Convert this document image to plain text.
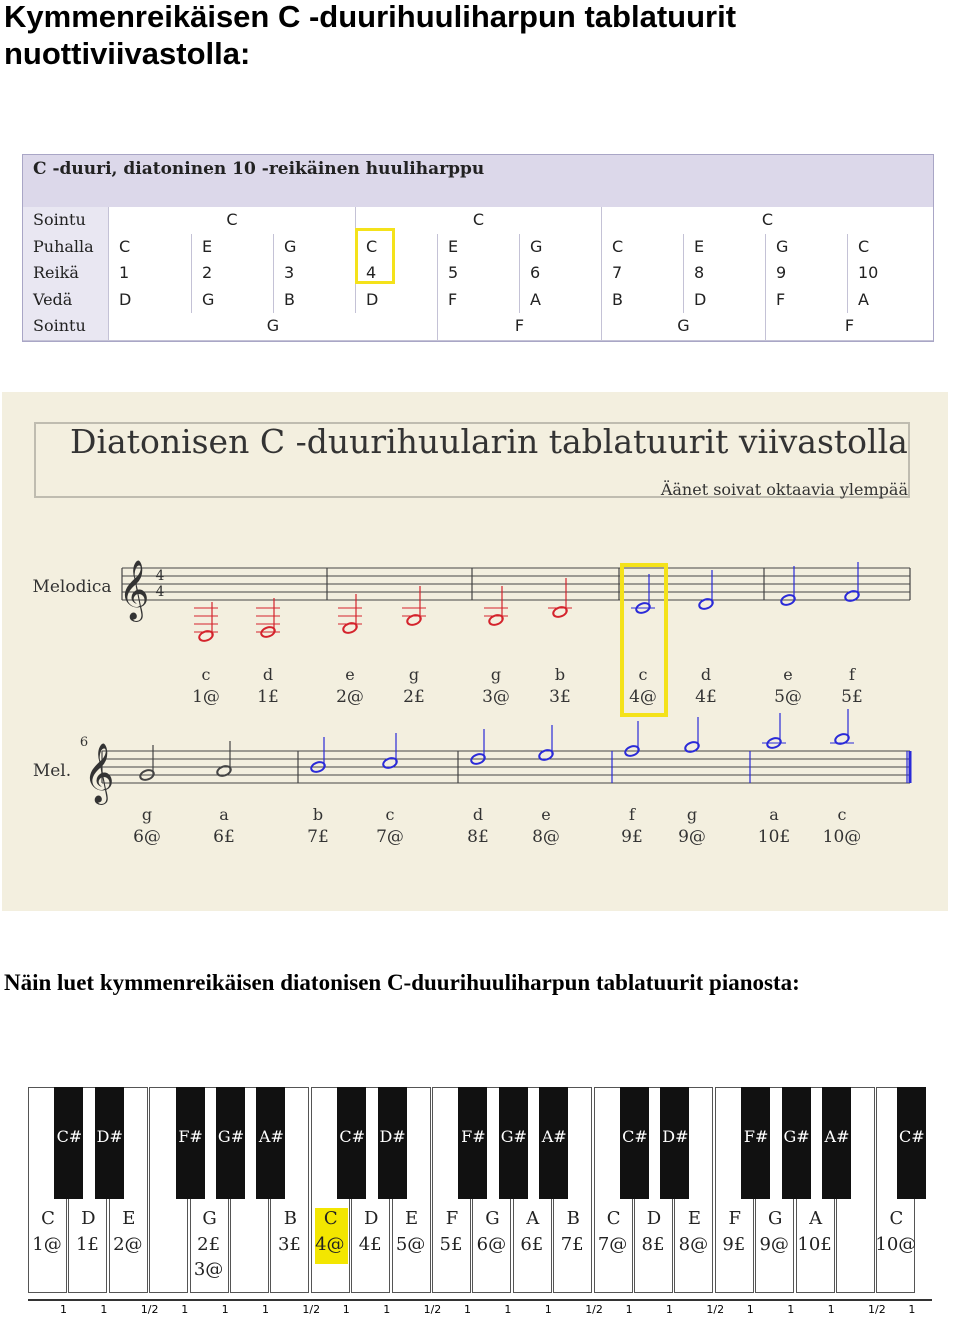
Kymmenreikäisen C -duurihuuliharpun tablatuurit nuottiviivastolla:
C -duuri, diatoninen 10 -reikäinen huuliharppu
Sointu	C	C	C
Puhalla	C	E	G	C	E	G	C	E	G	C
Reikä	1	2	3	4	5	6	7	8	9	10
Vedä	D	G	B	D	F	A	B	D	F	A
Sointu	G	F	G	F
Diatonisen C -duurihuularin tablatuurit viivastolla
Äänet soivat oktaavia ylempää
Melodica 𝄞 4
4
c
1@
d
1£
e
2@
g
2£
g
3@
b
3£
c
4@
d
4£
e
5@
f
5£
Mel.
6
𝄞
g
6@
a
6£
b
7£
c
7@
d
8£
e
8@
f
9£
g
9@
a
10£
c
10@
Näin luet kymmenreikäisen diatonisen C-duurihuuliharpun tablatuurit pianosta:
C# D#	F# G# A#	C# D#	F# G# A#	C# D#	F# G# A#	C#
C
1@
D
1£
E
2@
G
2£
3@
B
3£
C
4@
D
4£
E
5@
F
5£
G
6@
A
6£
B
7£
C
7@
D
8£
E
8@
F
9£
G
9@
A
10£
C
10@
1	1	1/2 1	1	1	1/2 1	1	1/2 1	1	1	1/2 1	1	1/2 1	1	1	1/2 1
